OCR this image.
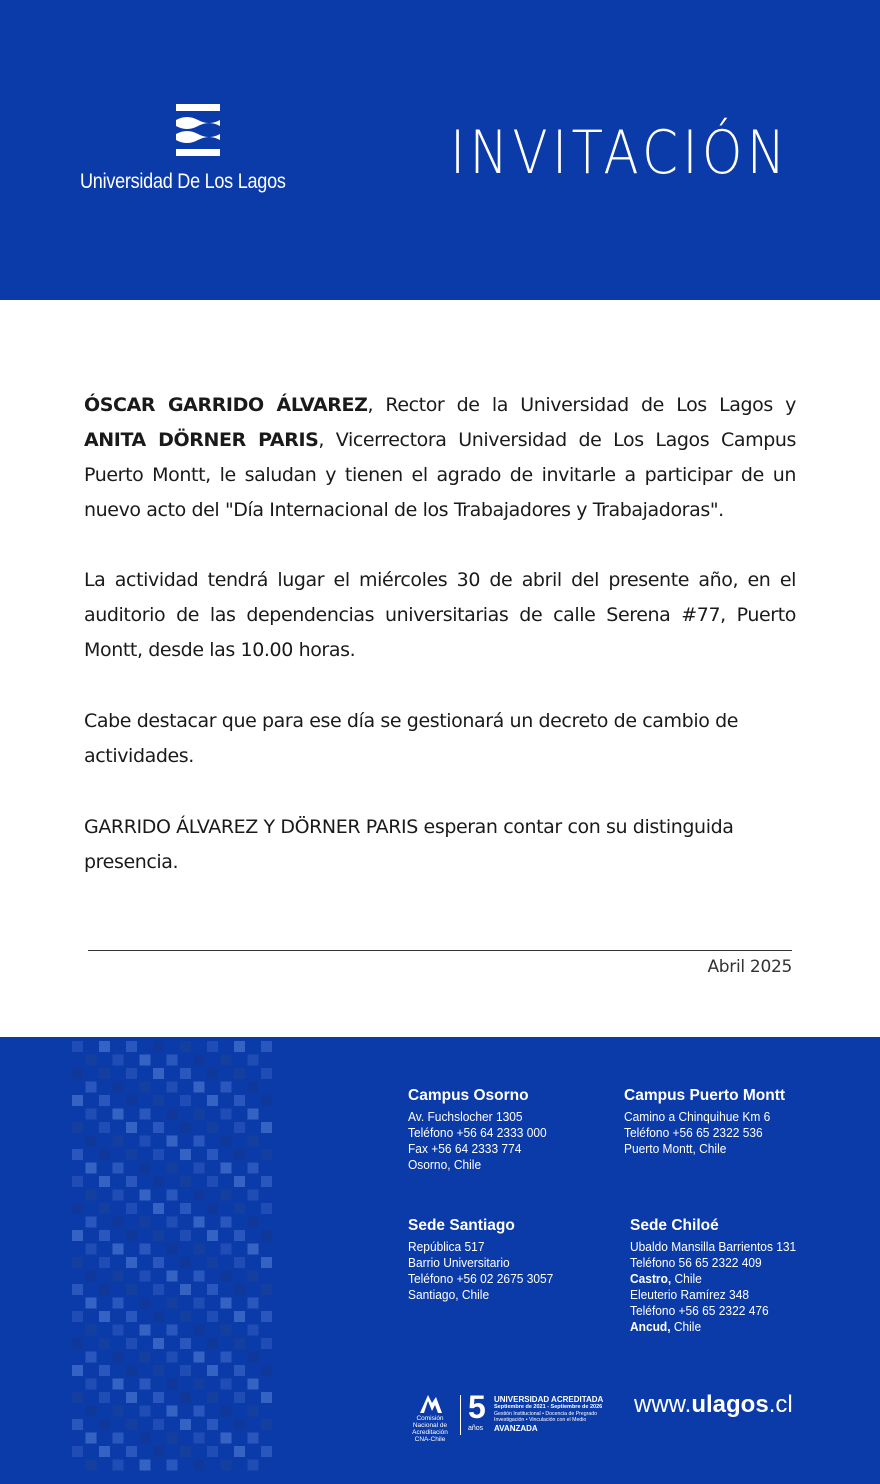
Universidad De Los Lagos	INVITACIÓN

ÓSCAR GARRIDO ÁLVAREZ, Rector de la Universidad de Los Lagos y ANITA DÖRNER PARIS, Vicerrectora Universidad de Los Lagos Campus Puerto Montt, le saludan y tienen el agrado de invitarle a participar de un nuevo acto del "Día Internacional de los Trabajadores y Trabajadoras".

La actividad tendrá lugar el miércoles 30 de abril del presente año, en el auditorio de las dependencias universitarias de calle Serena #77, Puerto Montt, desde las 10.00 horas.

Cabe destacar que para ese día se gestionará un decreto de cambio de actividades.

GARRIDO ÁLVAREZ Y DÖRNER PARIS esperan contar con su distinguida presencia.

Abril 2025
Campus Osorno
Av. Fuchslocher 1305
Teléfono +56 64 2333 000
Fax +56 64 2333 774
Osorno, Chile
Campus Puerto Montt
Camino a Chinquihue Km 6
Teléfono +56 65 2322 536
Puerto Montt, Chile
Sede Santiago
República 517
Barrio Universitario
Teléfono +56 02 2675 3057
Santiago, Chile
Sede Chiloé
Ubaldo Mansilla Barrientos 131
Teléfono 56 65 2322 409
Castro, Chile
Eleuterio Ramírez 348
Teléfono +56 65 2322 476
Ancud, Chile
Comisión Nacional de Acreditación CNA-Chile
5
años
UNIVERSIDAD ACREDITADA
Septiembre de 2021 - Septiembre de 2026
Gestión Institucional • Docencia de Pregrado
Investigación • Vinculación con el Medio
AVANZADA
www.ulagos.cl
